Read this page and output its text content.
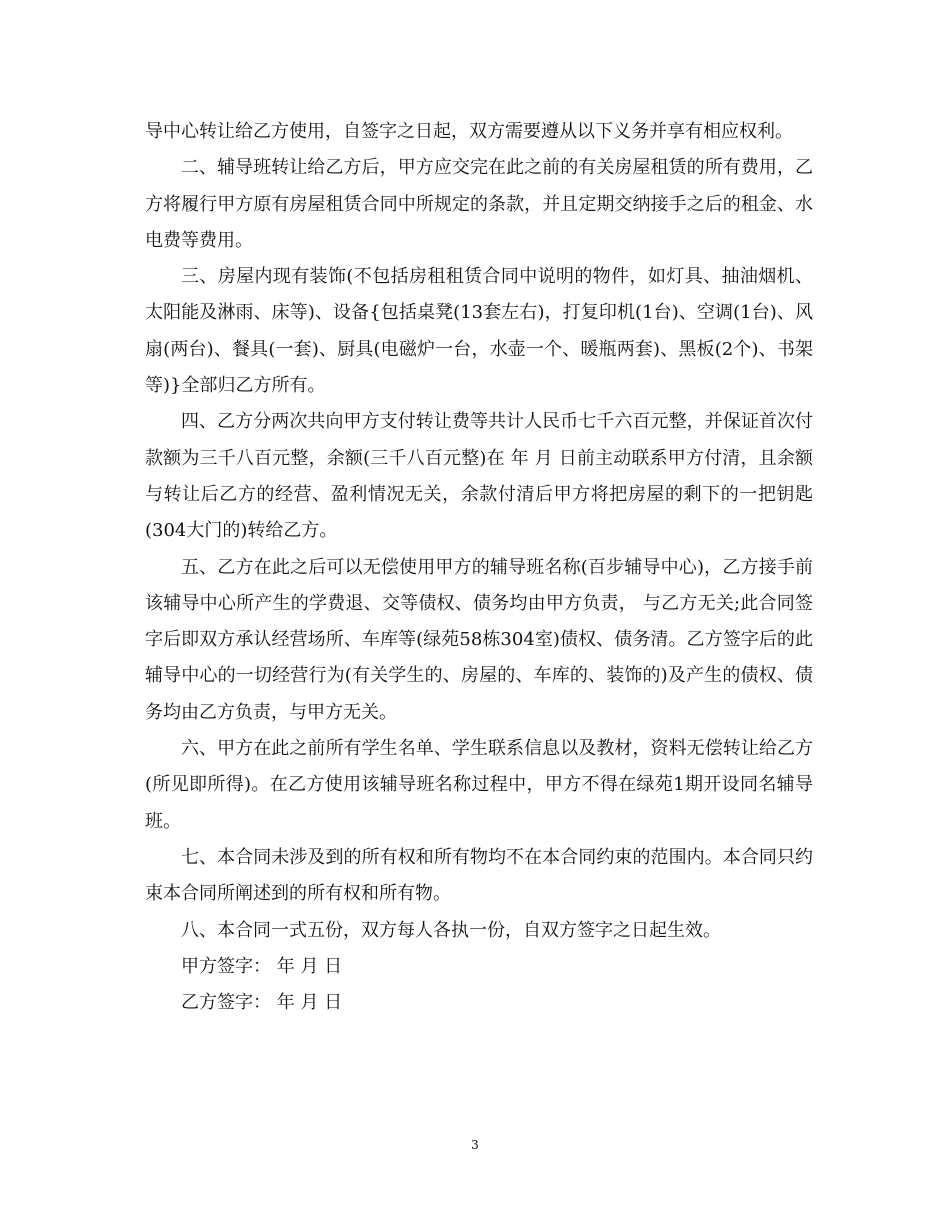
导中心转让给乙方使用，自签字之日起，双方需要遵从以下义务并享有相应权利。

二、辅导班转让给乙方后，甲方应交完在此之前的有关房屋租赁的所有费用，乙方将履行甲方原有房屋租赁合同中所规定的条款，并且定期交纳接手之后的租金、水电费等费用。

三、房屋内现有装饰(不包括房租租赁合同中说明的物件，如灯具、抽油烟机、太阳能及淋雨、床等)、设备{包括桌凳(13套左右)，打复印机(1台)、空调(1台)、风扇(两台)、餐具(一套)、厨具(电磁炉一台，水壶一个、暖瓶两套)、黑板(2个)、书架等)}全部归乙方所有。

四、乙方分两次共向甲方支付转让费等共计人民币七千六百元整，并保证首次付款额为三千八百元整，余额(三千八百元整)在 年 月 日前主动联系甲方付清，且余额与转让后乙方的经营、盈利情况无关，余款付清后甲方将把房屋的剩下的一把钥匙(304大门的)转给乙方。

五、乙方在此之后可以无偿使用甲方的辅导班名称(百步辅导中心)，乙方接手前该辅导中心所产生的学费退、交等债权、债务均由甲方负责， 与乙方无关;此合同签字后即双方承认经营场所、车库等(绿苑58栋304室)债权、债务清。乙方签字后的此辅导中心的一切经营行为(有关学生的、房屋的、车库的、装饰的)及产生的债权、债务均由乙方负责，与甲方无关。

六、甲方在此之前所有学生名单、学生联系信息以及教材，资料无偿转让给乙方(所见即所得)。在乙方使用该辅导班名称过程中，甲方不得在绿苑1期开设同名辅导班。

七、本合同未涉及到的所有权和所有物均不在本合同约束的范围内。本合同只约束本合同所阐述到的所有权和所有物。

八、本合同一式五份，双方每人各执一份，自双方签字之日起生效。

甲方签字： 年 月 日

乙方签字： 年 月 日

3
